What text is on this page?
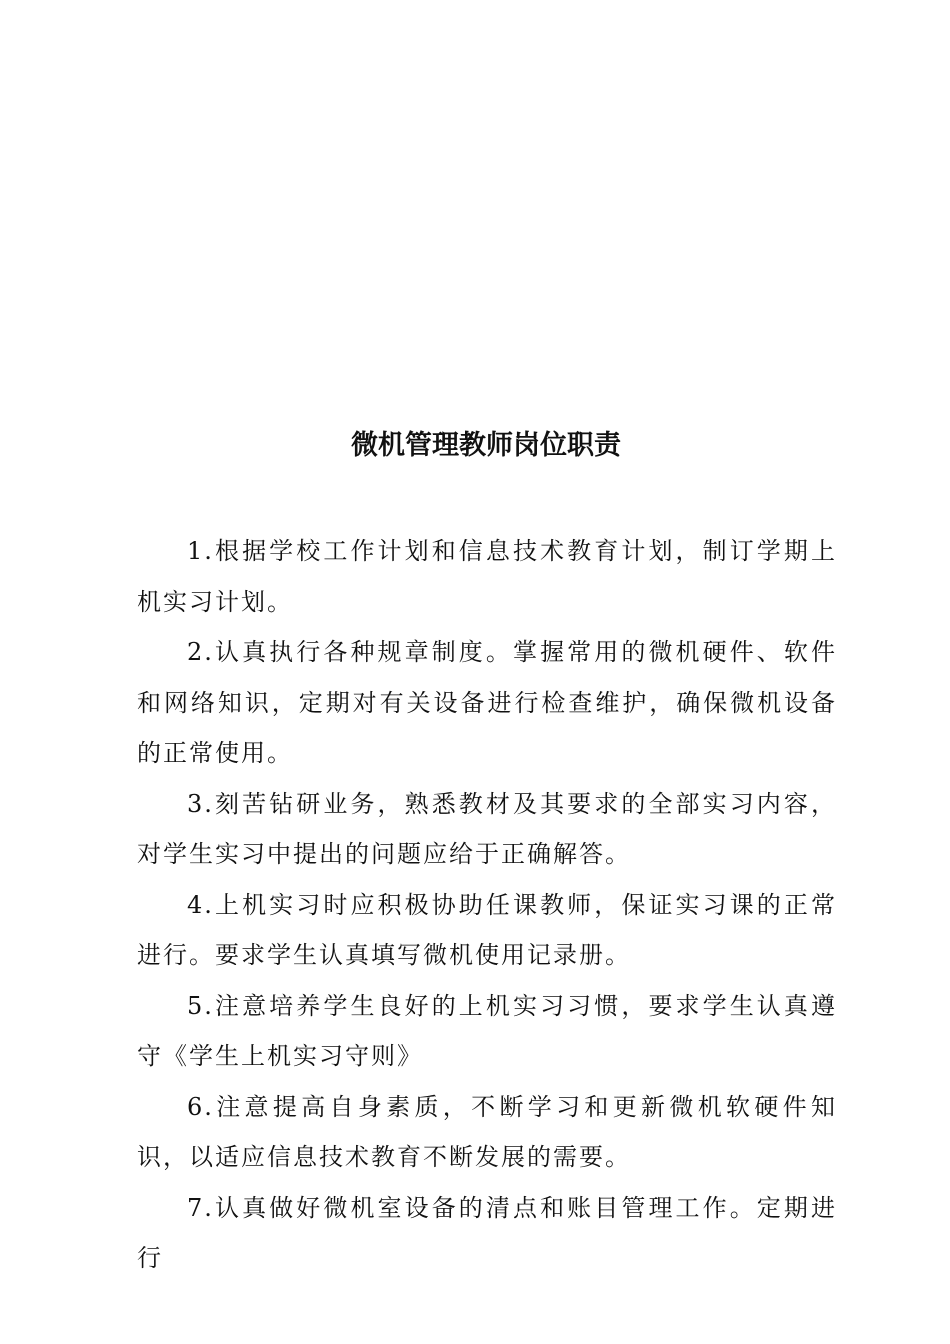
微机管理教师岗位职责

1.根据学校工作计划和信息技术教育计划，制订学期上机实习计划。

2.认真执行各种规章制度。掌握常用的微机硬件、软件和网络知识，定期对有关设备进行检查维护，确保微机设备的正常使用。

3.刻苦钻研业务，熟悉教材及其要求的全部实习内容，对学生实习中提出的问题应给于正确解答。

4.上机实习时应积极协助任课教师，保证实习课的正常进行。要求学生认真填写微机使用记录册。

5.注意培养学生良好的上机实习习惯，要求学生认真遵守《学生上机实习守则》

6.注意提高自身素质，不断学习和更新微机软硬件知识，以适应信息技术教育不断发展的需要。

7.认真做好微机室设备的清点和账目管理工作。定期进行
